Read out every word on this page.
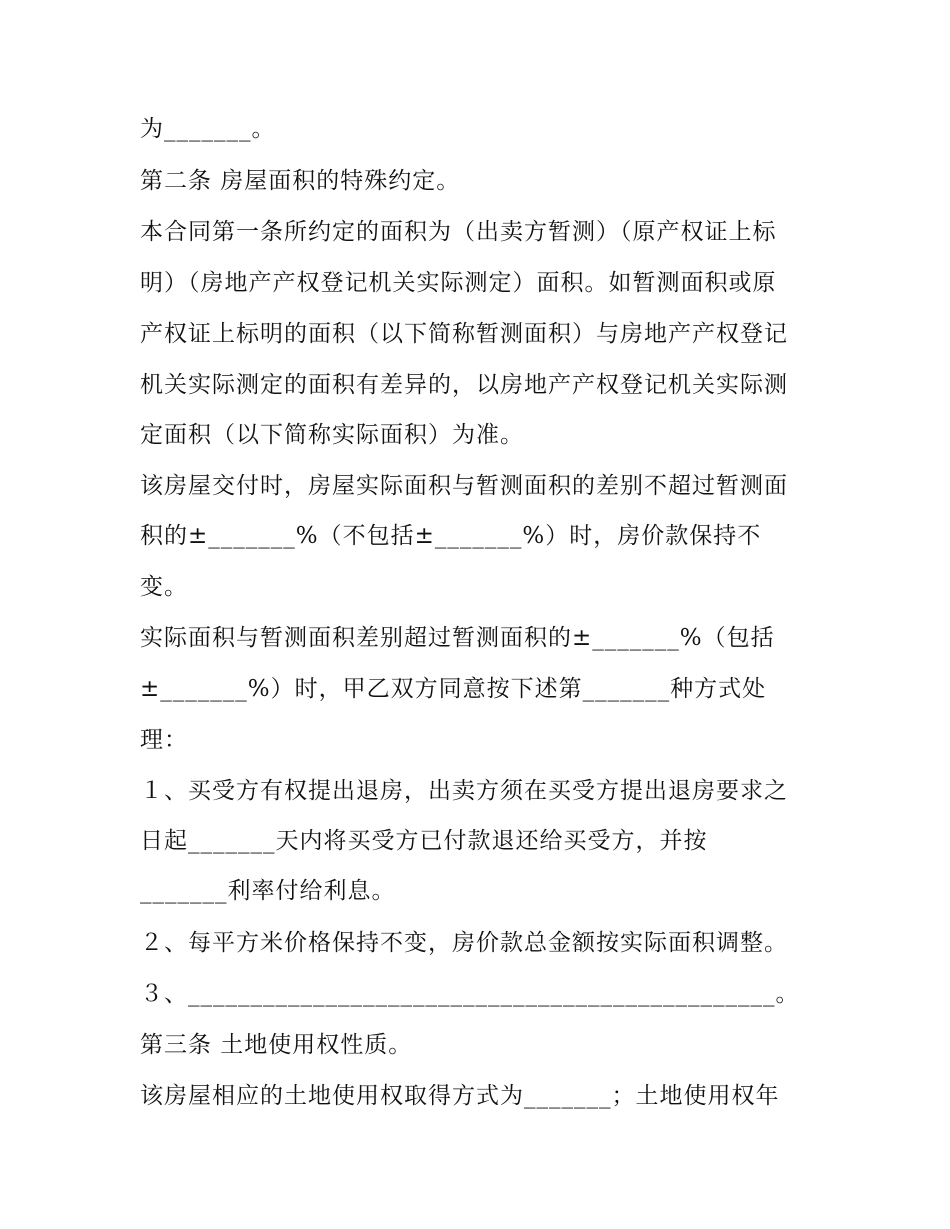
为_______。
第二条 房屋面积的特殊约定。
本合同第一条所约定的面积为（出卖方暂测）（原产权证上标
明）（房地产产权登记机关实际测定）面积。如暂测面积或原
产权证上标明的面积（以下简称暂测面积）与房地产产权登记
机关实际测定的面积有差异的，以房地产产权登记机关实际测
定面积（以下简称实际面积）为准。
该房屋交付时，房屋实际面积与暂测面积的差别不超过暂测面
积的±_______%（不包括±_______%）时，房价款保持不
变。
实际面积与暂测面积差别超过暂测面积的±_______%（包括
±_______%）时，甲乙双方同意按下述第_______种方式处
理：
１、买受方有权提出退房，出卖方须在买受方提出退房要求之
日起_______天内将买受方已付款退还给买受方，并按
_______利率付给利息。
２、每平方米价格保持不变，房价款总金额按实际面积调整。
３、_______________________________________________。
第三条 土地使用权性质。
该房屋相应的土地使用权取得方式为_______；土地使用权年
